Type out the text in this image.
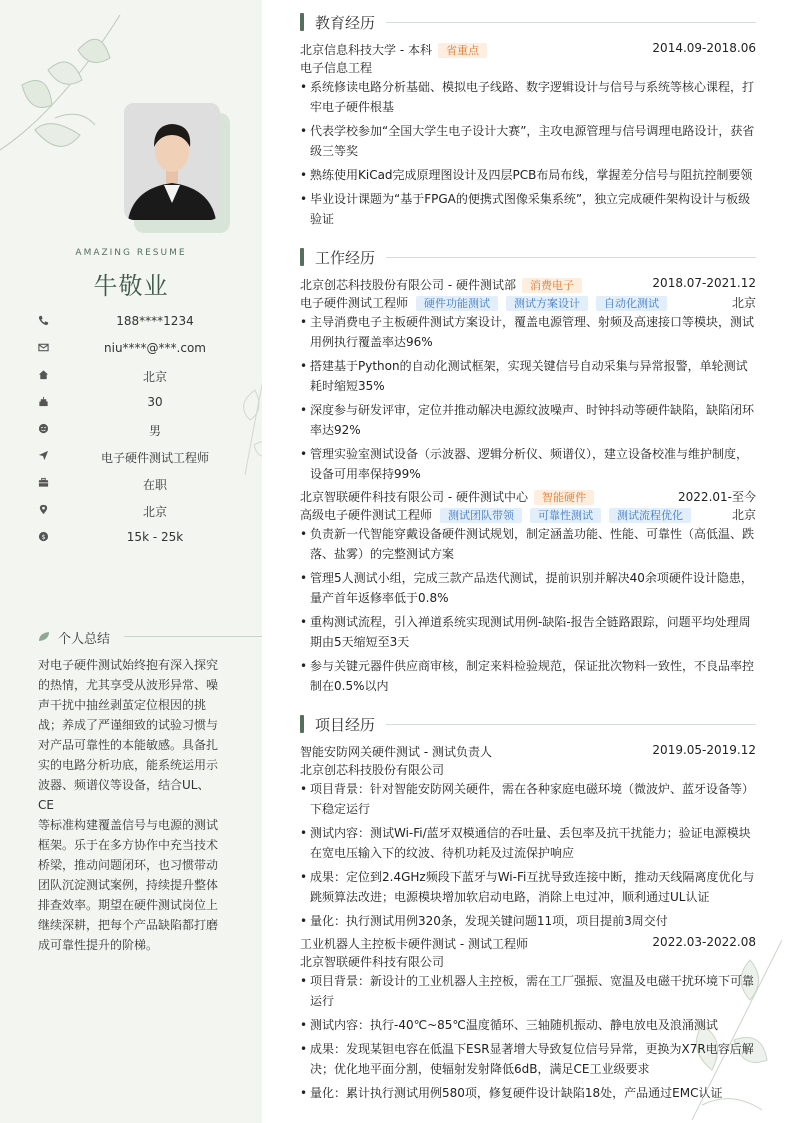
AMAZING RESUME
牛敬业
188****1234
niu****@***.com
北京
30
男
电子硬件测试工程师
在职
北京
$	15k - 25k
个人总结
对电子硬件测试始终抱有深入探究
的热情，尤其享受从波形异常、噪
声干扰中抽丝剥茧定位根因的挑
战；养成了严谨细致的试验习惯与
对产品可靠性的本能敏感。具备扎
实的电路分析功底，能系统运用示
波器、频谱仪等设备，结合UL、CE
等标准构建覆盖信号与电源的测试
框架。乐于在多方协作中充当技术
桥梁，推动问题闭环，也习惯带动
团队沉淀测试案例，持续提升整体
排查效率。期望在硬件测试岗位上
继续深耕，把每个产品缺陷都打磨
成可靠性提升的阶梯。
教育经历
北京信息科技大学 - 本科 省重点	2014.09-2018.06
电子信息工程
• 系统修读电路分析基础、模拟电子线路、数字逻辑设计与信号与系统等核心课程，打牢电子硬件根基
• 代表学校参加“全国大学生电子设计大赛”，主攻电源管理与信号调理电路设计，获省级三等奖
• 熟练使用KiCad完成原理图设计及四层PCB布局布线，掌握差分信号与阻抗控制要领
• 毕业设计课题为“基于FPGA的便携式图像采集系统”，独立完成硬件架构设计与板级验证
工作经历
北京创芯科技股份有限公司 - 硬件测试部 消费电子	2018.07-2021.12
电子硬件测试工程师 硬件功能测试 测试方案设计 自动化测试	北京
• 主导消费电子主板硬件测试方案设计，覆盖电源管理、射频及高速接口等模块，测试用例执行覆盖率达96%
• 搭建基于Python的自动化测试框架，实现关键信号自动采集与异常报警，单轮测试耗时缩短35%
• 深度参与研发评审，定位并推动解决电源纹波噪声、时钟抖动等硬件缺陷，缺陷闭环率达92%
• 管理实验室测试设备（示波器、逻辑分析仪、频谱仪），建立设备校准与维护制度，设备可用率保持99%
北京智联硬件科技有限公司 - 硬件测试中心 智能硬件	2022.01-至今
高级电子硬件测试工程师 测试团队带领 可靠性测试 测试流程优化	北京
• 负责新一代智能穿戴设备硬件测试规划，制定涵盖功能、性能、可靠性（高低温、跌落、盐雾）的完整测试方案
• 管理5人测试小组，完成三款产品迭代测试，提前识别并解决40余项硬件设计隐患，量产首年返修率低于0.8%
• 重构测试流程，引入禅道系统实现测试用例-缺陷-报告全链路跟踪，问题平均处理周期由5天缩短至3天
• 参与关键元器件供应商审核，制定来料检验规范，保证批次物料一致性，不良品率控制在0.5%以内
项目经历
智能安防网关硬件测试 - 测试负责人	2019.05-2019.12
北京创芯科技股份有限公司
• 项目背景：针对智能安防网关硬件，需在各种家庭电磁环境（微波炉、蓝牙设备等）下稳定运行
• 测试内容：测试Wi-Fi/蓝牙双模通信的吞吐量、丢包率及抗干扰能力；验证电源模块在宽电压输入下的纹波、待机功耗及过流保护响应
• 成果：定位到2.4GHz频段下蓝牙与Wi-Fi互扰导致连接中断，推动天线隔离度优化与跳频算法改进；电源模块增加软启动电路，消除上电过冲，顺利通过UL认证
• 量化：执行测试用例320条，发现关键问题11项，项目提前3周交付
工业机器人主控板卡硬件测试 - 测试工程师	2022.03-2022.08
北京智联硬件科技有限公司
• 项目背景：新设计的工业机器人主控板，需在工厂强振、宽温及电磁干扰环境下可靠运行
• 测试内容：执行-40℃~85℃温度循环、三轴随机振动、静电放电及浪涌测试
• 成果：发现某钽电容在低温下ESR显著增大导致复位信号异常，更换为X7R电容后解决；优化地平面分割，使辐射发射降低6dB，满足CE工业级要求
• 量化：累计执行测试用例580项，修复硬件设计缺陷18处，产品通过EMC认证
